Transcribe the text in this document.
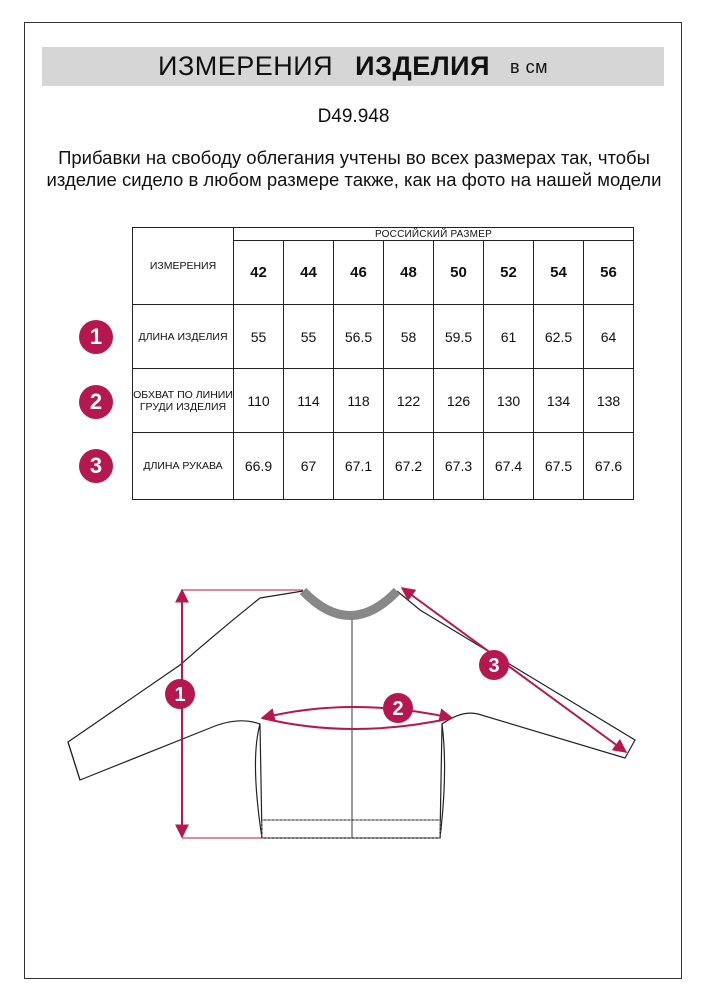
ИЗМЕРЕНИЯ ИЗДЕЛИЯ в см
D49.948
Прибавки на свободу облегания учтены во всех размерах так, чтобы изделие сидело в любом размере также, как на фото на нашей модели
ИЗМЕРЕНИЯ	РОССИЙСКИЙ РАЗМЕР							
	42	44	46	48	50	52	54	56
ДЛИНА ИЗДЕЛИЯ	55	55	56.5	58	59.5	61	62.5	64
ОБХВАТ ПО ЛИНИИ ГРУДИ ИЗДЕЛИЯ	110	114	118	122	126	130	134	138
ДЛИНА РУКАВА	66.9	67	67.1	67.2	67.3	67.4	67.5	67.6
1
2
3
1
2
3
